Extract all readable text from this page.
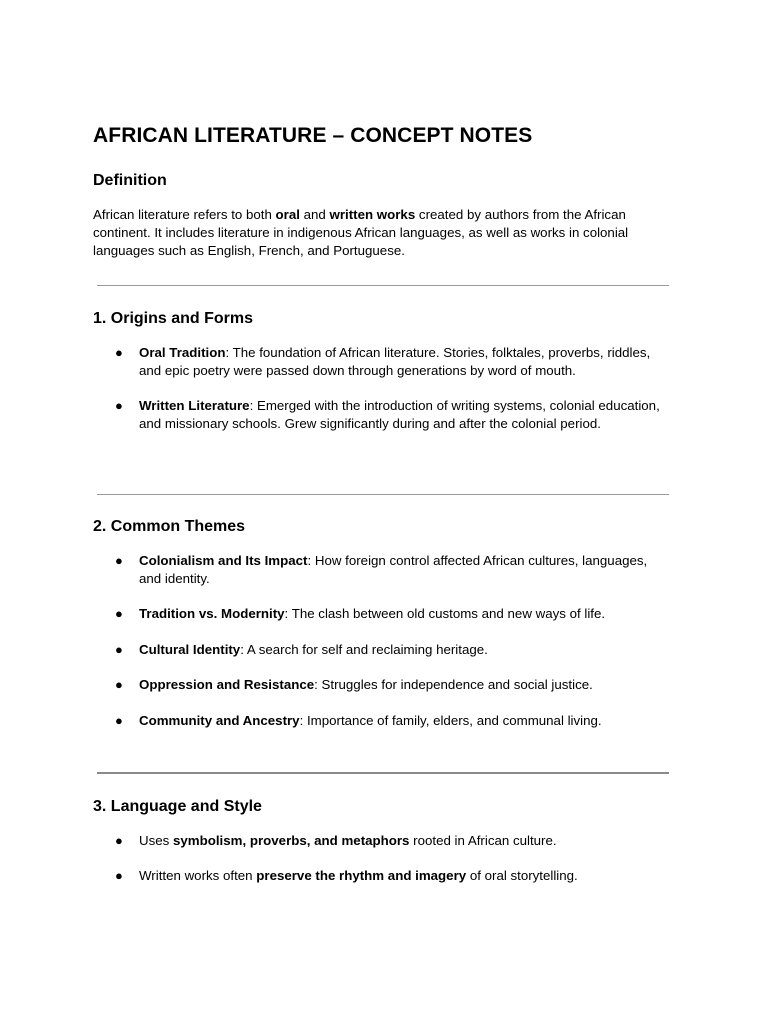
AFRICAN LITERATURE – CONCEPT NOTES
Definition

African literature refers to both oral and written works created by authors from the African continent. It includes literature in indigenous African languages, as well as works in colonial languages such as English, French, and Portuguese.

1. Origins and Forms
● Oral Tradition: The foundation of African literature. Stories, folktales, proverbs, riddles, and epic poetry were passed down through generations by word of mouth.
● Written Literature: Emerged with the introduction of writing systems, colonial education, and missionary schools. Grew significantly during and after the colonial period.
2. Common Themes
● Colonialism and Its Impact: How foreign control affected African cultures, languages, and identity.
● Tradition vs. Modernity: The clash between old customs and new ways of life.
● Cultural Identity: A search for self and reclaiming heritage.
● Oppression and Resistance: Struggles for independence and social justice.
● Community and Ancestry: Importance of family, elders, and communal living.
3. Language and Style
● Uses symbolism, proverbs, and metaphors rooted in African culture.
● Written works often preserve the rhythm and imagery of oral storytelling.
